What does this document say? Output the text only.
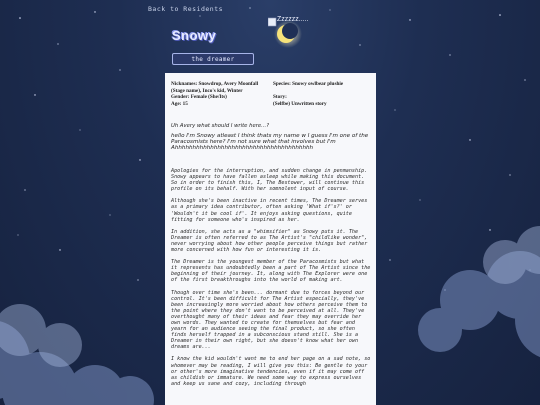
Back to Residents
Zzzzzz.....
Snowy
the dreamer
Nicknames: Snowdrop, Avery Moonfall
(Stage name), Inco's kid, Winter
Gender: Female (She/Its)
Age: 15
Species: Snowy owlbear plushie

Story:
(Selfbe) Unwritten story
Uh Avery what should I write here...?
hello I'm Snowy atleast I think thats my name w I guess I'm one of the Paracosmists here? I'm not sure what that involves but I'm Ahhhhhhhhhhhhhhhhhhhhhhhhhhhhhhhhhhhhhhh

Apologies for the interruption, and sudden change in penmanship. Snowy appears to have fallen asleep while making this document. So in order to finish this, I, The Bestower, will continue this profile on its behalf. With her somnolent input of course.

Although she's been inactive in recent times, The Dreamer serves as a primary idea contributor, often asking 'What if's?' or 'Wouldn't it be cool if'. It enjoys asking questions, quite fitting for someone who's inspired as her.

In addition, she acts as a "whimsifier" as Snowy puts it. The Dreamer is often referred to as The Artist's "childlike wonder", never worrying about how other people perceive things but rather more concerned with how fun or interesting it is.

The Dreamer is the youngest member of the Paracosmists but what it represents has undoubtedly been a part of The Artist since the beginning of their journey. It, along with The Explorer were one of the first breakthroughs into the world of making art.

Though over time she's been... dormant due to forces beyond our control. It's been difficult for The Artist especially, they've been increasingly more worried about how others perceive them to the point where they don't want to be perceived at all. They've overthought many of their ideas and fear they may override her own words. They wanted to create for themselves but fear and yearn for an audience seeing the final product, so she often finds herself trapped in a subconscious stand still. She is a Dreamer in their own right, but she doesn't know what her own dreams are...

I know the kid wouldn't want me to end her page on a sad note, so whomever may be reading, I will give you this: Be gentle to your or other's more imaginative tendencies, even if it may come off as childish or immature. We need some way to express ourselves and keep us sane and cozy, including through
